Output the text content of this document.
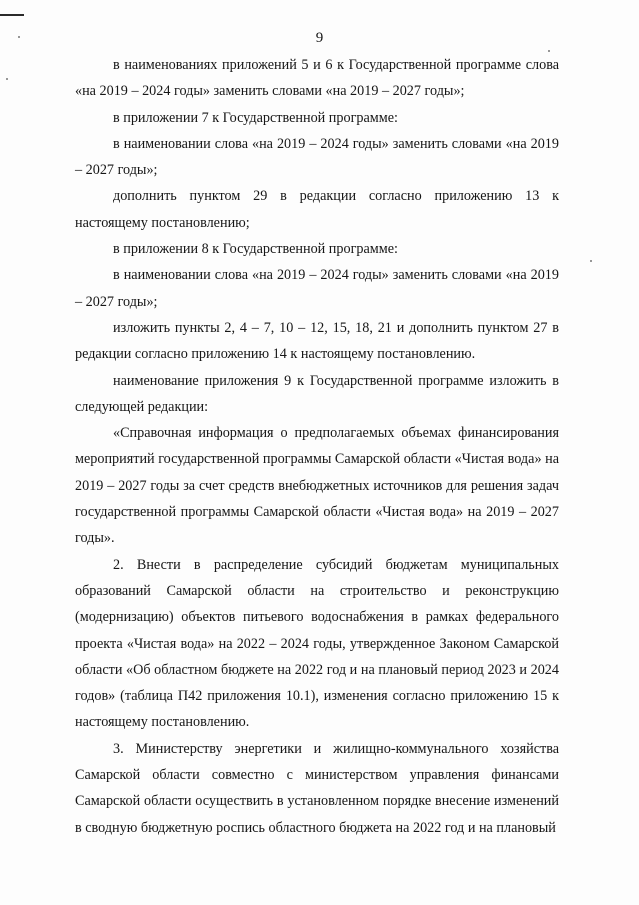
9

в наименованиях приложений 5 и 6 к Государственной программе слова «на 2019 – 2024 годы» заменить словами «на 2019 – 2027 годы»;

в приложении 7 к Государственной программе:

в наименовании слова «на 2019 – 2024 годы» заменить словами «на 2019 – 2027 годы»;

дополнить пунктом 29 в редакции согласно приложению 13 к настоящему постановлению;

в приложении 8 к Государственной программе:

в наименовании слова «на 2019 – 2024 годы» заменить словами «на 2019 – 2027 годы»;

изложить пункты 2, 4 – 7, 10 – 12, 15, 18, 21 и дополнить пунктом 27 в редакции согласно приложению 14 к настоящему постановлению.

наименование приложения 9 к Государственной программе изложить в следующей редакции:

«Справочная информация о предполагаемых объемах финансирования мероприятий государственной программы Самарской области «Чистая вода» на 2019 – 2027 годы за счет средств внебюджетных источников для решения задач государственной программы Самарской области «Чистая вода» на 2019 – 2027 годы».

2. Внести в распределение субсидий бюджетам муниципальных образований Самарской области на строительство и реконструкцию (модернизацию) объектов питьевого водоснабжения в рамках федерального проекта «Чистая вода» на 2022 – 2024 годы, утвержденное Законом Самарской области «Об областном бюджете на 2022 год и на плановый период 2023 и 2024 годов» (таблица П42 приложения 10.1), изменения согласно приложению 15 к настоящему постановлению.

3. Министерству энергетики и жилищно-коммунального хозяйства Самарской области совместно с министерством управления финансами Самарской области осуществить в установленном порядке внесение изменений в сводную бюджетную роспись областного бюджета на 2022 год и на плановый
